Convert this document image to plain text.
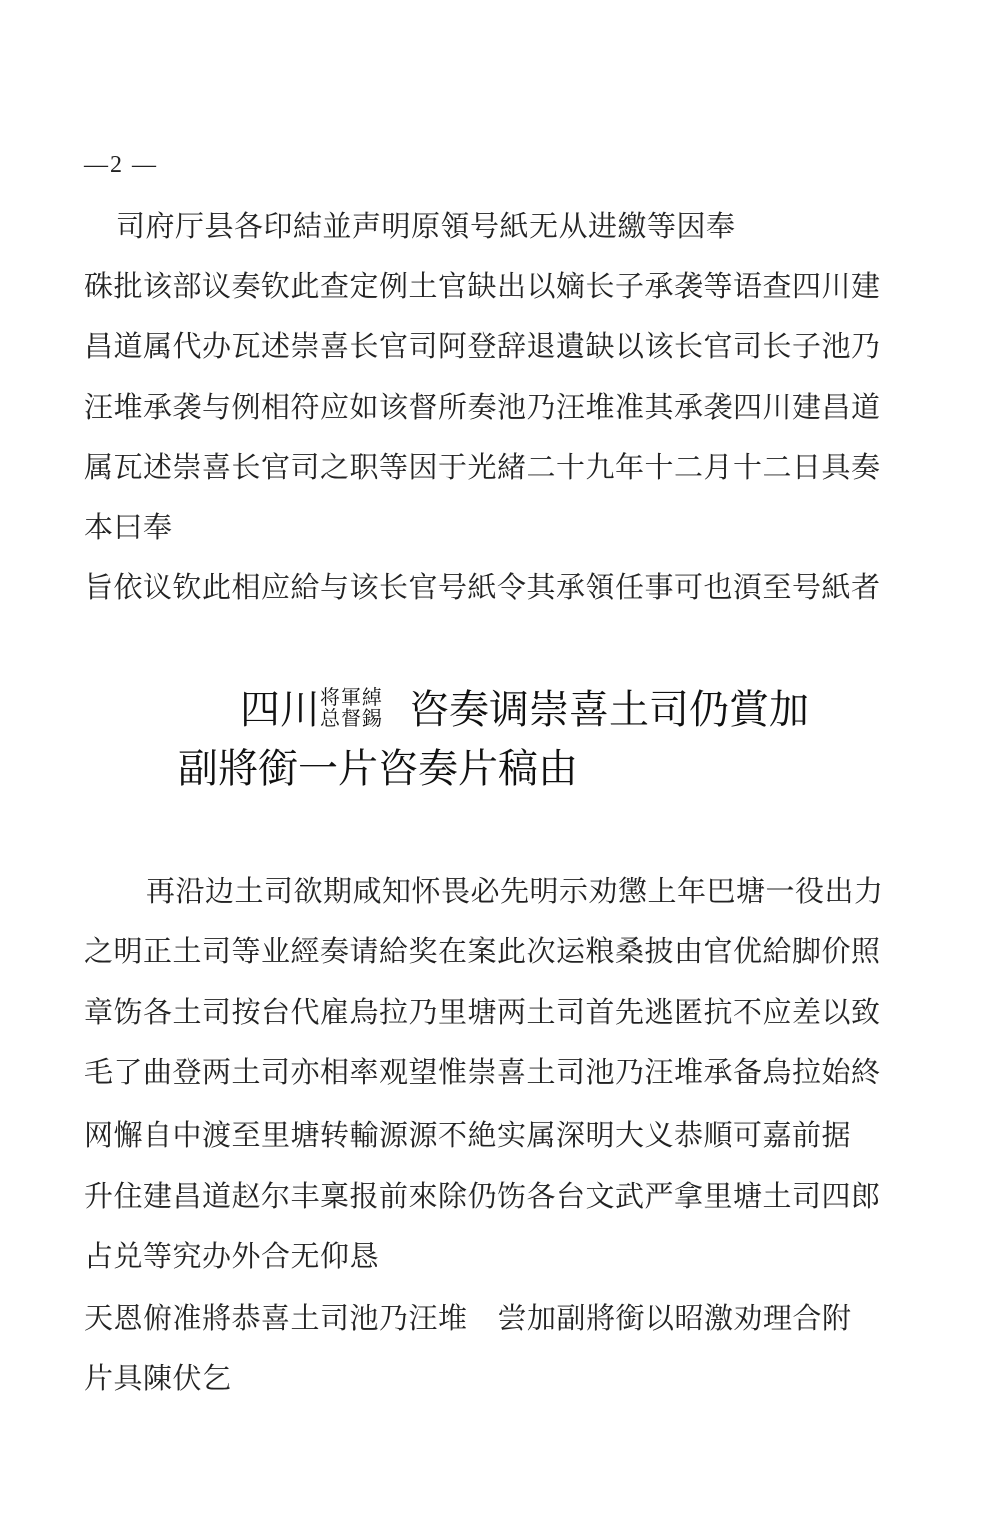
—2 —
司府厅县各印結並声明原領号紙无从进繳等因奉
硃批该部议奏钦此查定例土官缺出以嫡长子承袭等语查四川建
昌道属代办瓦述崇喜长官司阿登辞退遺缺以该长官司长子池乃
汪堆承袭与例相符应如该督所奏池乃汪堆准其承袭四川建昌道
属瓦述崇喜长官司之职等因于光緒二十九年十二月十二日具奏
本曰奉
旨依议钦此相应給与该长官号紙令其承領任事可也湏至号紙者
四川 将軍綽
总督錫 咨奏调崇喜土司仍賞加
副將銜一片咨奏片稿由
再沿边土司欲期咸知怀畏必先明示劝懲上年巴塘一役出力
之明正土司等业經奏请給奖在案此次运粮桑披由官优給脚价照
章饬各土司按台代雇烏拉乃里塘两土司首先逃匿抗不应差以致
毛了曲登两土司亦相率观望惟崇喜土司池乃汪堆承备烏拉始終
网懈自中渡至里塘转輸源源不絶实属深明大义恭順可嘉前据
升住建昌道赵尔丰稟报前來除仍饬各台文武严拿里塘土司四郎
占兑等究办外合无仰恳
天恩俯准將恭喜土司池乃汪堆 尝加副將銜以昭激劝理合附
片具陳伏乞
